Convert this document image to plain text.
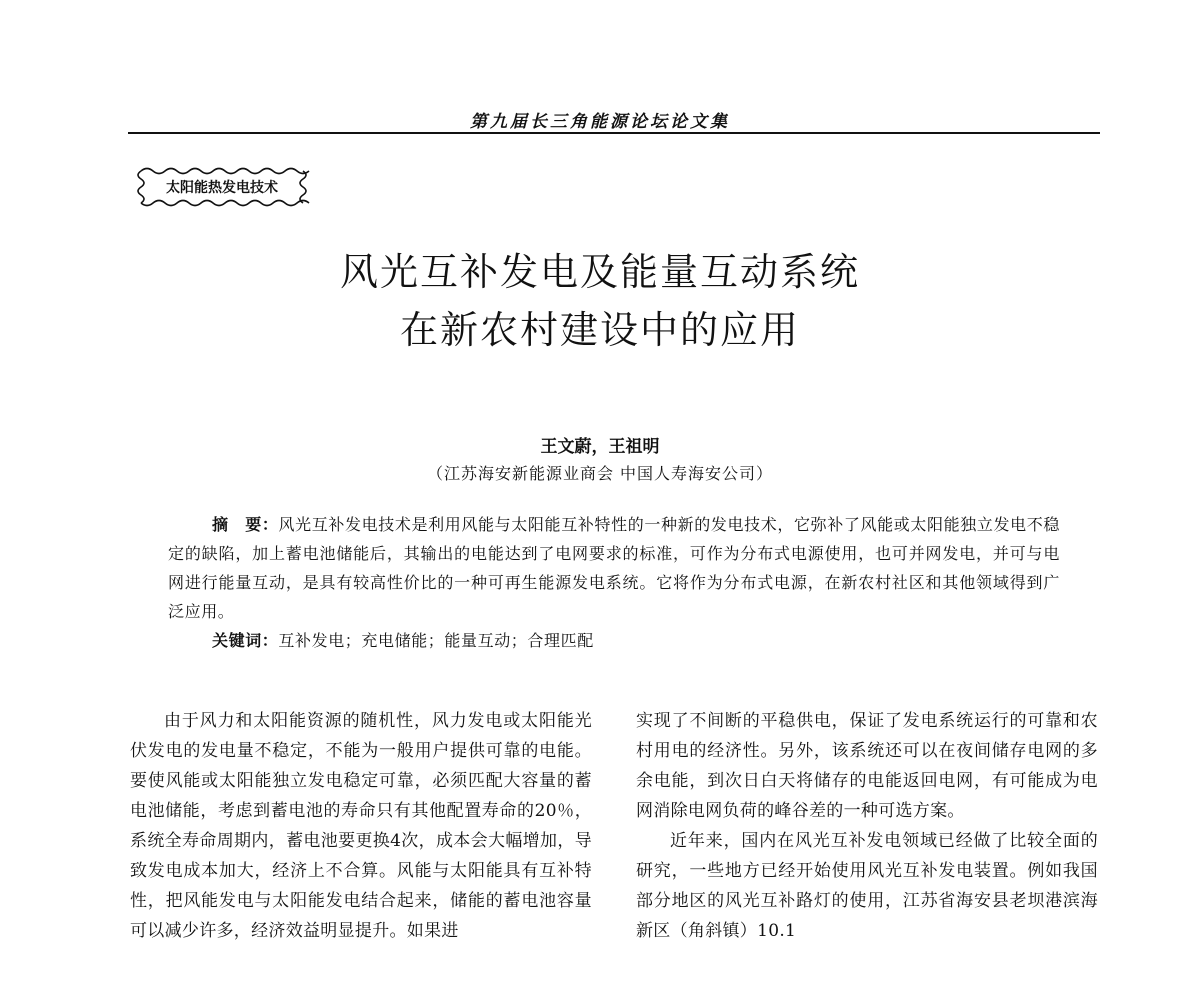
第九届长三角能源论坛论文集
太阳能热发电技术
风光互补发电及能量互动系统
在新农村建设中的应用
王文蔚，王祖明
（江苏海安新能源业商会 中国人寿海安公司）

摘　要：风光互补发电技术是利用风能与太阳能互补特性的一种新的发电技术，它弥补了风能或太阳能独立发电不稳定的缺陷，加上蓄电池储能后，其输出的电能达到了电网要求的标准，可作为分布式电源使用，也可并网发电，并可与电网进行能量互动，是具有较高性价比的一种可再生能源发电系统。它将作为分布式电源，在新农村社区和其他领域得到广泛应用。

关键词：互补发电；充电储能；能量互动；合理匹配

由于风力和太阳能资源的随机性，风力发电或太阳能光伏发电的发电量不稳定，不能为一般用户提供可靠的电能。要使风能或太阳能独立发电稳定可靠，必须匹配大容量的蓄电池储能，考虑到蓄电池的寿命只有其他配置寿命的20％，系统全寿命周期内，蓄电池要更换4次，成本会大幅增加，导致发电成本加大，经济上不合算。风能与太阳能具有互补特性，把风能发电与太阳能发电结合起来，储能的蓄电池容量可以减少许多，经济效益明显提升。如果进

实现了不间断的平稳供电，保证了发电系统运行的可靠和农村用电的经济性。另外，该系统还可以在夜间储存电网的多余电能，到次日白天将储存的电能返回电网，有可能成为电网消除电网负荷的峰谷差的一种可选方案。

近年来，国内在风光互补发电领域已经做了比较全面的研究，一些地方已经开始使用风光互补发电装置。例如我国部分地区的风光互补路灯的使用，江苏省海安县老坝港滨海新区（角斜镇）10.1
